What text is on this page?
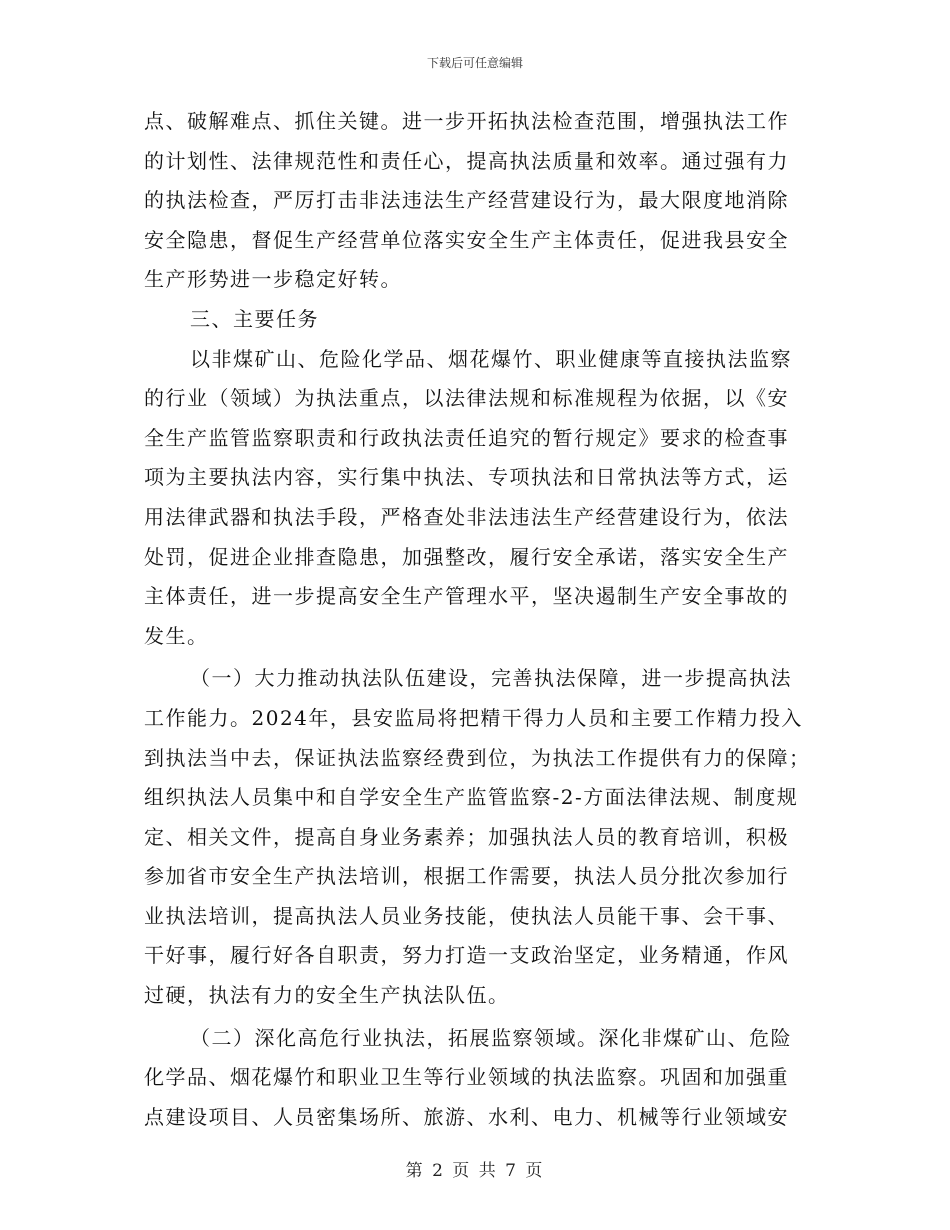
下载后可任意编辑
点、破解难点、抓住关键。进一步开拓执法检查范围，增强执法工作
的计划性、法律规范性和责任心，提高执法质量和效率。通过强有力
的执法检查，严厉打击非法违法生产经营建设行为，最大限度地消除
安全隐患，督促生产经营单位落实安全生产主体责任，促进我县安全
生产形势进一步稳定好转。
三、主要任务
以非煤矿山、危险化学品、烟花爆竹、职业健康等直接执法监察
的行业（领域）为执法重点，以法律法规和标准规程为依据，以《安
全生产监管监察职责和行政执法责任追究的暂行规定》要求的检查事
项为主要执法内容，实行集中执法、专项执法和日常执法等方式，运
用法律武器和执法手段，严格查处非法违法生产经营建设行为，依法
处罚，促进企业排查隐患，加强整改，履行安全承诺，落实安全生产
主体责任，进一步提高安全生产管理水平，坚决遏制生产安全事故的
发生。
（一）大力推动执法队伍建设，完善执法保障，进一步提高执法
工作能力。2024年，县安监局将把精干得力人员和主要工作精力投入
到执法当中去，保证执法监察经费到位，为执法工作提供有力的保障；
组织执法人员集中和自学安全生产监管监察-2-方面法律法规、制度规
定、相关文件，提高自身业务素养；加强执法人员的教育培训，积极
参加省市安全生产执法培训，根据工作需要，执法人员分批次参加行
业执法培训，提高执法人员业务技能，使执法人员能干事、会干事、
干好事，履行好各自职责，努力打造一支政治坚定，业务精通，作风
过硬，执法有力的安全生产执法队伍。
（二）深化高危行业执法，拓展监察领域。深化非煤矿山、危险
化学品、烟花爆竹和职业卫生等行业领域的执法监察。巩固和加强重
点建设项目、人员密集场所、旅游、水利、电力、机械等行业领域安
第 2 页 共 7 页
